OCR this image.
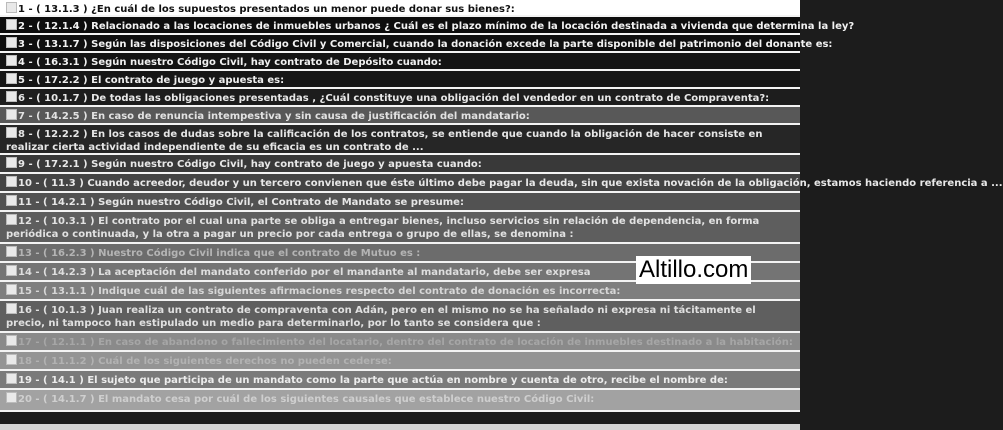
1 - ( 13.1.3 ) ¿En cuál de los supuestos presentados un menor puede donar sus bienes?:
2 - ( 12.1.4 ) Relacionado a las locaciones de inmuebles urbanos ¿ Cuál es el plazo mínimo de la locación destinada a vivienda que determina la ley?
3 - ( 13.1.7 ) Según las disposiciones del Código Civil y Comercial, cuando la donación excede la parte disponible del patrimonio del donante es:
4 - ( 16.3.1 ) Según nuestro Código Civil, hay contrato de Depósito cuando:
5 - ( 17.2.2 ) El contrato de juego y apuesta es:
6 - ( 10.1.7 ) De todas las obligaciones presentadas , ¿Cuál constituye una obligación del vendedor en un contrato de Compraventa?:
7 - ( 14.2.5 ) En caso de renuncia intempestiva y sin causa de justificación del mandatario:
8 - ( 12.2.2 ) En los casos de dudas sobre la calificación de los contratos, se entiende que cuando la obligación de hacer consiste en realizar cierta actividad independiente de su eficacia es un contrato de ...
9 - ( 17.2.1 ) Según nuestro Código Civil, hay contrato de juego y apuesta cuando:
10 - ( 11.3 ) Cuando acreedor, deudor y un tercero convienen que éste último debe pagar la deuda, sin que exista novación de la obligación, estamos haciendo referencia a ...
11 - ( 14.2.1 ) Según nuestro Código Civil, el Contrato de Mandato se presume:
12 - ( 10.3.1 ) El contrato por el cual una parte se obliga a entregar bienes, incluso servicios sin relación de dependencia, en forma periódica o continuada, y la otra a pagar un precio por cada entrega o grupo de ellas, se denomina :
13 - ( 16.2.3 ) Nuestro Código Civil indica que el contrato de Mutuo es :
14 - ( 14.2.3 ) La aceptación del mandato conferido por el mandante al mandatario, debe ser expresa
15 - ( 13.1.1 ) Indique cuál de las siguientes afirmaciones respecto del contrato de donación es incorrecta:
16 - ( 10.1.3 ) Juan realiza un contrato de compraventa con Adán, pero en el mismo no se ha señalado ni expresa ni tácitamente el precio, ni tampoco han estipulado un medio para determinarlo, por lo tanto se considera que :
17 - ( 12.1.1 ) En caso de abandono o fallecimiento del locatario, dentro del contrato de locación de inmuebles destinado a la habitación:
18 - ( 11.1.2 ) Cuál de los siguientes derechos no pueden cederse:
19 - ( 14.1 ) El sujeto que participa de un mandato como la parte que actúa en nombre y cuenta de otro, recibe el nombre de:
20 - ( 14.1.7 ) El mandato cesa por cuál de los siguientes causales que establece nuestro Código Civil:
Altillo.com
